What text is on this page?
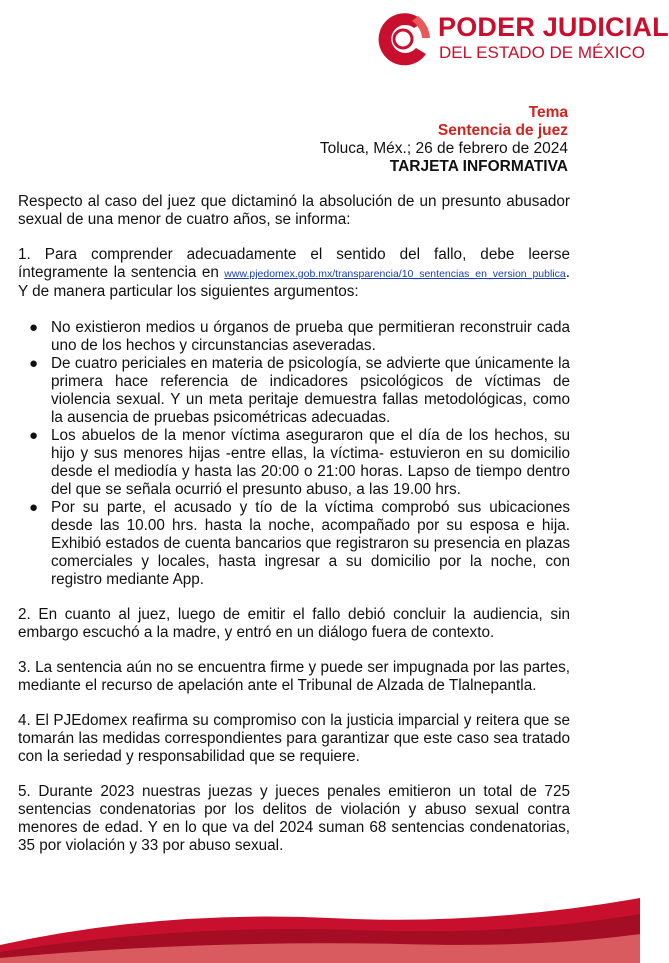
PODER JUDICIAL
DEL ESTADO DE MÉXICO
Tema
Sentencia de juez
Toluca, Méx.; 26 de febrero de 2024
TARJETA INFORMATIVA

Respecto al caso del juez que dictaminó la absolución de un presunto abusador sexual de una menor de cuatro años, se informa:

1. Para comprender adecuadamente el sentido del fallo, debe leerse íntegramente la sentencia en www.pjedomex.gob.mx/transparencia/10_sentencias_en_version_publica. Y de manera particular los siguientes argumentos:

● No existieron medios u órganos de prueba que permitieran reconstruir cada uno de los hechos y circunstancias aseveradas.
● De cuatro periciales en materia de psicología, se advierte que únicamente la primera hace referencia de indicadores psicológicos de víctimas de violencia sexual. Y un meta peritaje demuestra fallas metodológicas, como la ausencia de pruebas psicométricas adecuadas.
● Los abuelos de la menor víctima aseguraron que el día de los hechos, su hijo y sus menores hijas -entre ellas, la víctima- estuvieron en su domicilio desde el mediodía y hasta las 20:00 o 21:00 horas. Lapso de tiempo dentro del que se señala ocurrió el presunto abuso, a las 19.00 hrs.
● Por su parte, el acusado y tío de la víctima comprobó sus ubicaciones desde las 10.00 hrs. hasta la noche, acompañado por su esposa e hija. Exhibió estados de cuenta bancarios que registraron su presencia en plazas comerciales y locales, hasta ingresar a su domicilio por la noche, con registro mediante App.

2. En cuanto al juez, luego de emitir el fallo debió concluir la audiencia, sin embargo escuchó a la madre, y entró en un diálogo fuera de contexto.

3. La sentencia aún no se encuentra firme y puede ser impugnada por las partes, mediante el recurso de apelación ante el Tribunal de Alzada de Tlalnepantla.

4. El PJEdomex reafirma su compromiso con la justicia imparcial y reitera que se tomarán las medidas correspondientes para garantizar que este caso sea tratado con la seriedad y responsabilidad que se requiere.

5. Durante 2023 nuestras juezas y jueces penales emitieron un total de 725 sentencias condenatorias por los delitos de violación y abuso sexual contra menores de edad. Y en lo que va del 2024 suman 68 sentencias condenatorias, 35 por violación y 33 por abuso sexual.
